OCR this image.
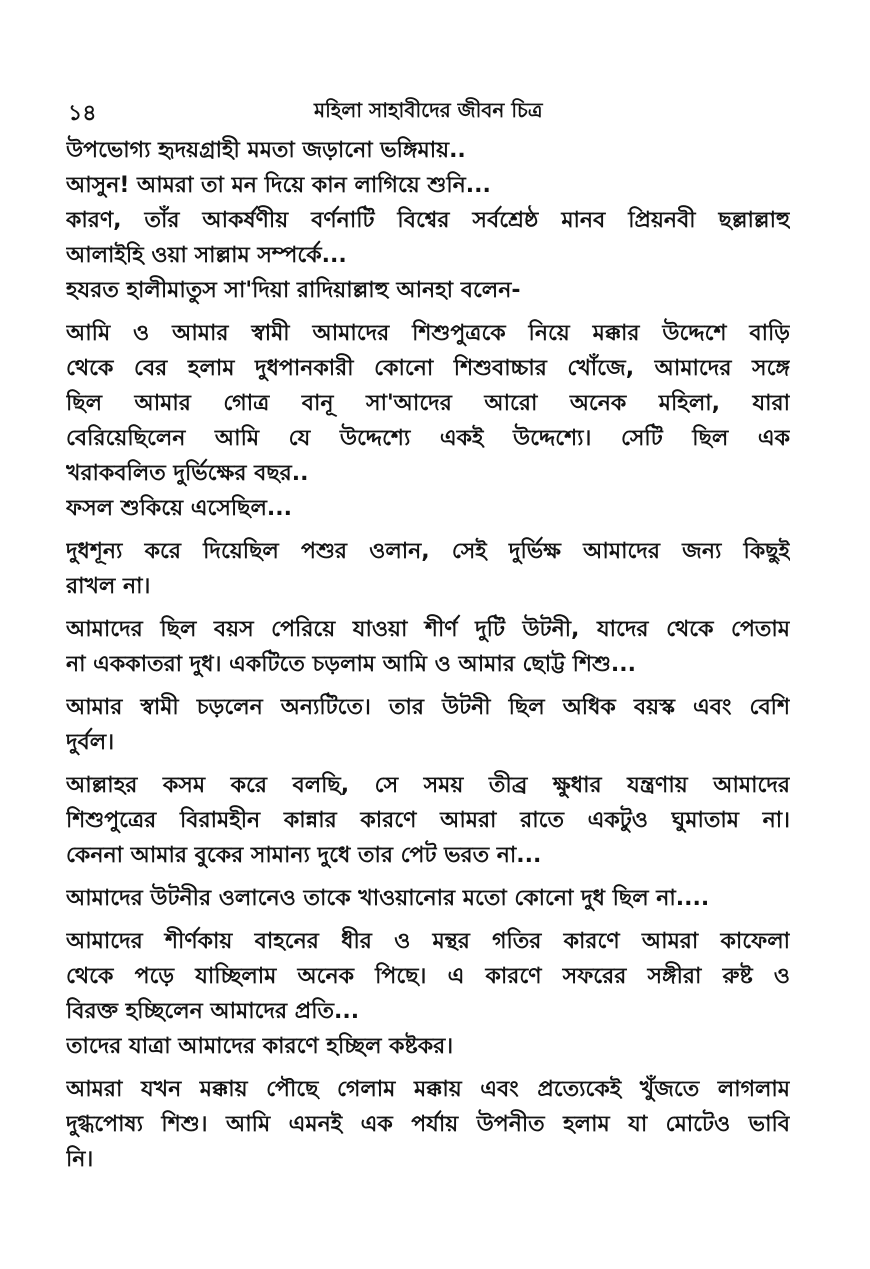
১৪	মহিলা সাহাবীদের জীবন চিত্র
উপভোগ্য হৃদয়গ্রাহী মমতা জড়ানো ভঙ্গিমায়..
আসুন! আমরা তা মন দিয়ে কান লাগিয়ে শুনি...
কারণ, তাঁর আকর্ষণীয় বর্ণনাটি বিশ্বের সর্বশ্রেষ্ঠ মানব প্রিয়নবী ছল্লাল্লাহু
আলাইহি ওয়া সাল্লাম সম্পর্কে...
হযরত হালীমাতুস সা'দিয়া রাদিয়াল্লাহু আনহা বলেন-
আমি ও আমার স্বামী আমাদের শিশুপুত্রকে নিয়ে মক্কার উদ্দেশে বাড়ি
থেকে বের হলাম দুধপানকারী কোনো শিশুবাচ্চার খোঁজে, আমাদের সঙ্গে
ছিল আমার গোত্র বানূ সা'আদের আরো অনেক মহিলা, যারা
বেরিয়েছিলেন আমি যে উদ্দেশ্যে একই উদ্দেশ্যে। সেটি ছিল এক
খরাকবলিত দুর্ভিক্ষের বছর..
ফসল শুকিয়ে এসেছিল...
দুধশূন্য করে দিয়েছিল পশুর ওলান, সেই দুর্ভিক্ষ আমাদের জন্য কিছুই
রাখল না।
আমাদের ছিল বয়স পেরিয়ে যাওয়া শীর্ণ দুটি উটনী, যাদের থেকে পেতাম
না এককাতরা দুধ। একটিতে চড়লাম আমি ও আমার ছোট্ট শিশু...
আমার স্বামী চড়লেন অন্যটিতে। তার উটনী ছিল অধিক বয়স্ক এবং বেশি
দুর্বল।
আল্লাহর কসম করে বলছি, সে সময় তীব্র ক্ষুধার যন্ত্রণায় আমাদের
শিশুপুত্রের বিরামহীন কান্নার কারণে আমরা রাতে একটুও ঘুমাতাম না।
কেননা আমার বুকের সামান্য দুধে তার পেট ভরত না...
আমাদের উটনীর ওলানেও তাকে খাওয়ানোর মতো কোনো দুধ ছিল না....
আমাদের শীর্ণকায় বাহনের ধীর ও মন্থর গতির কারণে আমরা কাফেলা
থেকে পড়ে যাচ্ছিলাম অনেক পিছে। এ কারণে সফরের সঙ্গীরা রুষ্ট ও
বিরক্ত হচ্ছিলেন আমাদের প্রতি...
তাদের যাত্রা আমাদের কারণে হচ্ছিল কষ্টকর।
আমরা যখন মক্কায় পৌছে গেলাম মক্কায় এবং প্রত্যেকেই খুঁজতে লাগলাম
দুগ্ধপোষ্য শিশু। আমি এমনই এক পর্যায় উপনীত হলাম যা মোটেও ভাবি
নি।
